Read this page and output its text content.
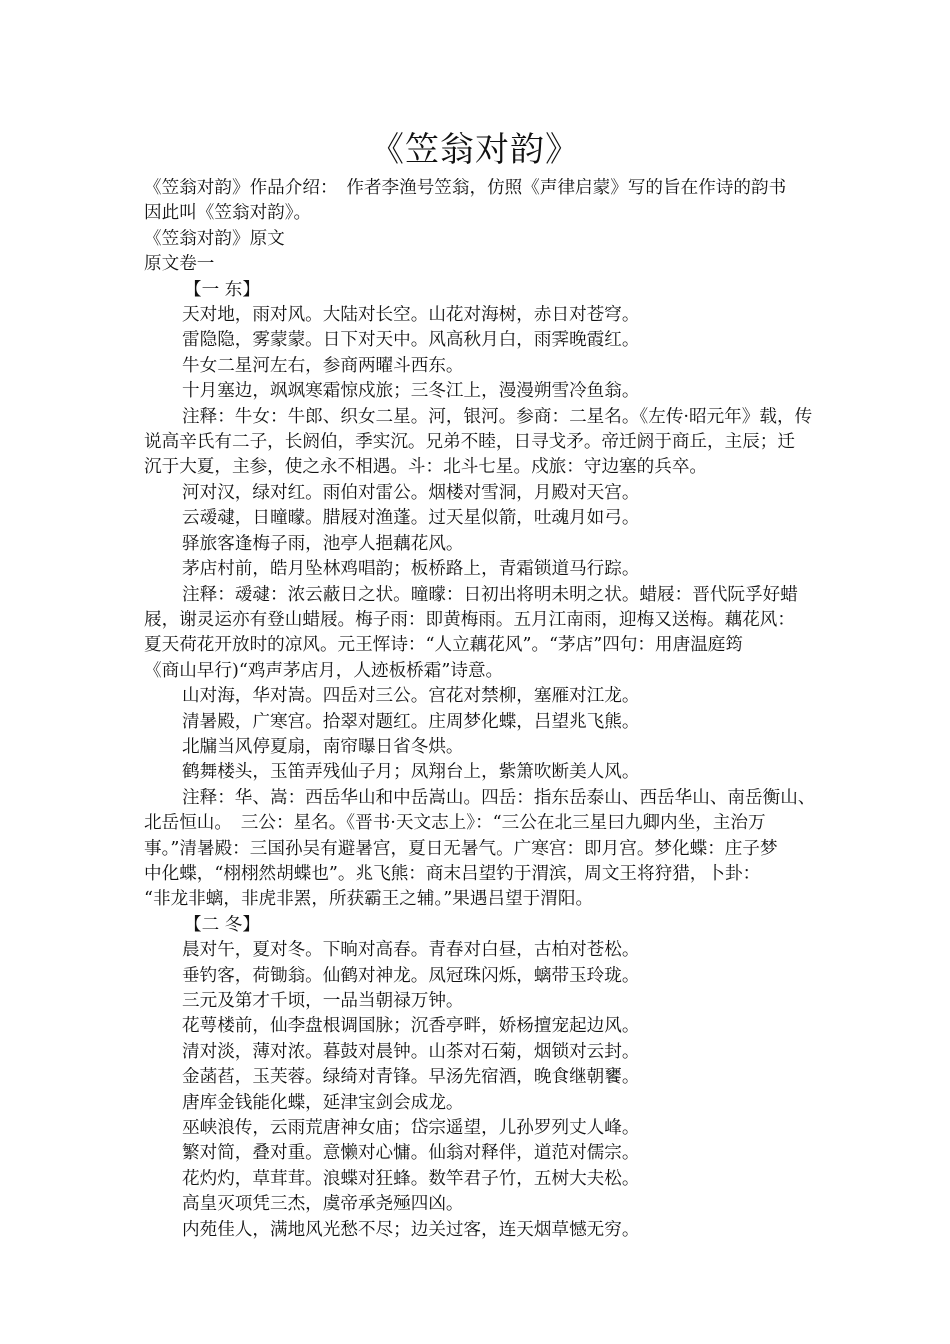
《笠翁对韵》

《笠翁对韵》作品介绍：　作者李渔号笠翁，仿照《声律启蒙》写的旨在作诗的韵书

因此叫《笠翁对韵》。

《笠翁对韵》原文

原文卷一

【一 东】

天对地，雨对风。大陆对长空。山花对海树，赤日对苍穹。

雷隐隐，雾蒙蒙。日下对天中。风高秋月白，雨霁晚霞红。

牛女二星河左右，参商两曜斗西东。

十月塞边，飒飒寒霜惊戍旅；三冬江上，漫漫朔雪冷鱼翁。

注释：牛女：牛郎、织女二星。河，银河。参商：二星名。《左传·昭元年》载，传

说高辛氏有二子，长阏伯，季实沉。兄弟不睦，日寻戈矛。帝迁阏于商丘，主辰；迁

沉于大夏，主参，使之永不相遇。斗：北斗七星。戍旅：守边塞的兵卒。

河对汉，绿对红。雨伯对雷公。烟楼对雪洞，月殿对天宫。

云叆叇，日曈曚。腊屐对渔蓬。过天星似箭，吐魂月如弓。

驿旅客逢梅子雨，池亭人挹藕花风。

茅店村前，皓月坠林鸡唱韵；板桥路上，青霜锁道马行踪。

注释：叆叇：浓云蔽日之状。曈曚：日初出将明未明之状。蜡屐：晋代阮孚好蜡

屐，谢灵运亦有登山蜡屐。梅子雨：即黄梅雨。五月江南雨，迎梅又送梅。藕花风：

夏天荷花开放时的凉风。元王恽诗：“人立藕花风”。“茅店”四句：用唐温庭筠

《商山早行)“鸡声茅店月，人迹板桥霜”诗意。

山对海，华对嵩。四岳对三公。宫花对禁柳，塞雁对江龙。

清暑殿，广寒宫。拾翠对题红。庄周梦化蝶，吕望兆飞熊。

北牖当风停夏扇，南帘曝日省冬烘。

鹤舞楼头，玉笛弄残仙子月；凤翔台上，紫箫吹断美人风。

注释：华、嵩：西岳华山和中岳嵩山。四岳：指东岳泰山、西岳华山、南岳衡山、

北岳恒山。　三公：星名。《晋书·天文志上》：“三公在北三星曰九卿内坐，主治万

事。”清暑殿：三国孙吴有避暑宫，夏日无暑气。广寒宫：即月宫。梦化蝶：庄子梦

中化蝶，“栩栩然胡蝶也”。兆飞熊：商末吕望钓于渭滨，周文王将狩猎，卜卦：

“非龙非螭，非虎非罴，所获霸王之辅。”果遇吕望于渭阳。

【二 冬】

晨对午，夏对冬。下晌对高春。青春对白昼，古柏对苍松。

垂钓客，荷锄翁。仙鹤对神龙。凤冠珠闪烁，螭带玉玲珑。

三元及第才千顷，一品当朝禄万钟。

花萼楼前，仙李盘根调国脉；沉香亭畔，娇杨擅宠起边风。

清对淡，薄对浓。暮鼓对晨钟。山茶对石菊，烟锁对云封。

金菡萏，玉芙蓉。绿绮对青锋。早汤先宿酒，晚食继朝饔。

唐库金钱能化蝶，延津宝剑会成龙。

巫峡浪传，云雨荒唐神女庙；岱宗遥望，儿孙罗列丈人峰。

繁对简，叠对重。意懒对心慵。仙翁对释伴，道范对儒宗。

花灼灼，草茸茸。浪蝶对狂蜂。数竿君子竹，五树大夫松。

高皇灭项凭三杰，虞帝承尧殛四凶。

内苑佳人，满地风光愁不尽；边关过客，连天烟草憾无穷。
